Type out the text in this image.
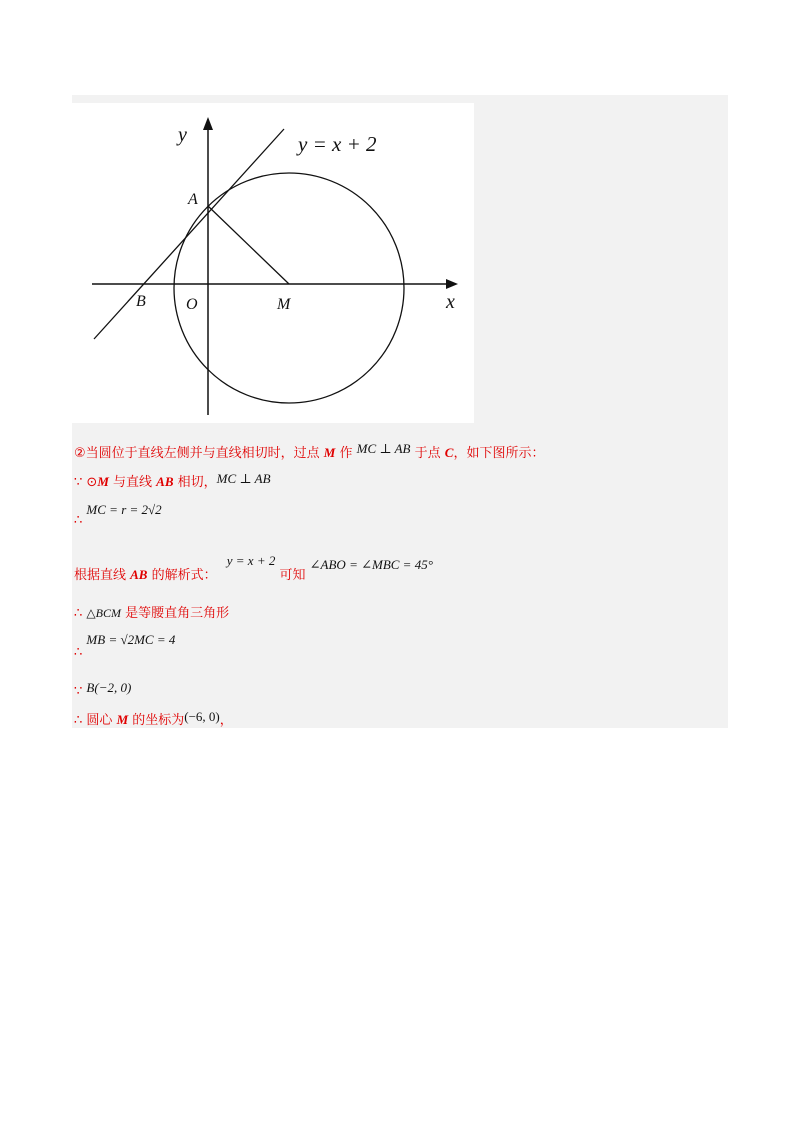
y = x + 2
y
x
A
B	O	M
②当圆位于直线左侧并与直线相切时，过点 M 作 MC ⊥ AB 于点 C，如下图所示：
∵ ⊙M 与直线 AB 相切，MC ⊥ AB
∴ MC = r = 2√2
根据直线 AB 的解析式： y = x + 2 可知 ∠ABO = ∠MBC = 45°
∴ △BCM 是等腰直角三角形
∴ MB = √2MC = 4
∵ B(−2, 0)
∴ 圆心 M 的坐标为(−6, 0)，
